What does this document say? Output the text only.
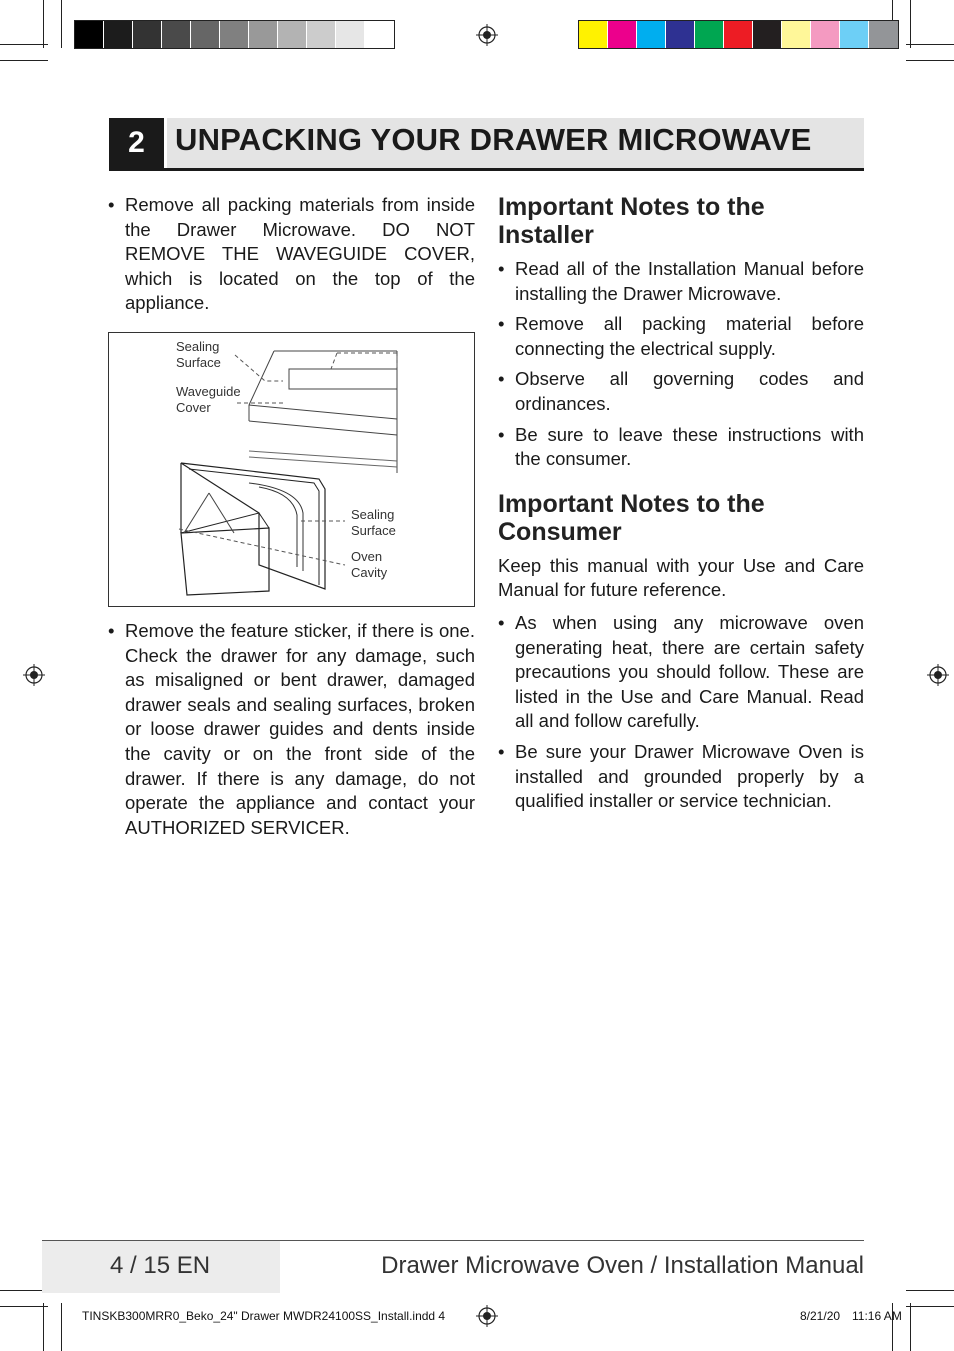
2 UNPACKING YOUR DRAWER MICROWAVE
• Remove all packing materials from inside the Drawer Microwave. DO NOT REMOVE THE WAVEGUIDE COVER, which is located on the top of the appliance.
Sealing
Surface
Waveguide
Cover
Sealing
Surface
Oven
Cavity
• Remove the feature sticker, if there is one. Check the drawer for any damage, such as misaligned or bent drawer, damaged drawer seals and sealing surfaces, broken or loose drawer guides and dents inside the cavity or on the front side of the drawer. If there is any damage, do not operate the appliance and contact your AUTHORIZED SERVICER.
Important Notes to the Installer
• Read all of the Installation Manual before installing the Drawer Microwave.
• Remove all packing material before connecting the electrical supply.
• Observe all governing codes and ordinances.
• Be sure to leave these instructions with the consumer.
Important Notes to the Consumer
Keep this manual with your Use and Care Manual for future reference.
• As when using any microwave oven generating heat, there are certain safety precautions you should follow. These are listed in the Use and Care Manual. Read all and follow carefully.
• Be sure your Drawer Microwave Oven is installed and grounded properly by a qualified installer or service technician.
4 / 15 EN	Drawer Microwave Oven / Installation Manual
TINSKB300MRR0_Beko_24" Drawer MWDR24100SS_Install.indd 4	8/21/20 11:16 AM
